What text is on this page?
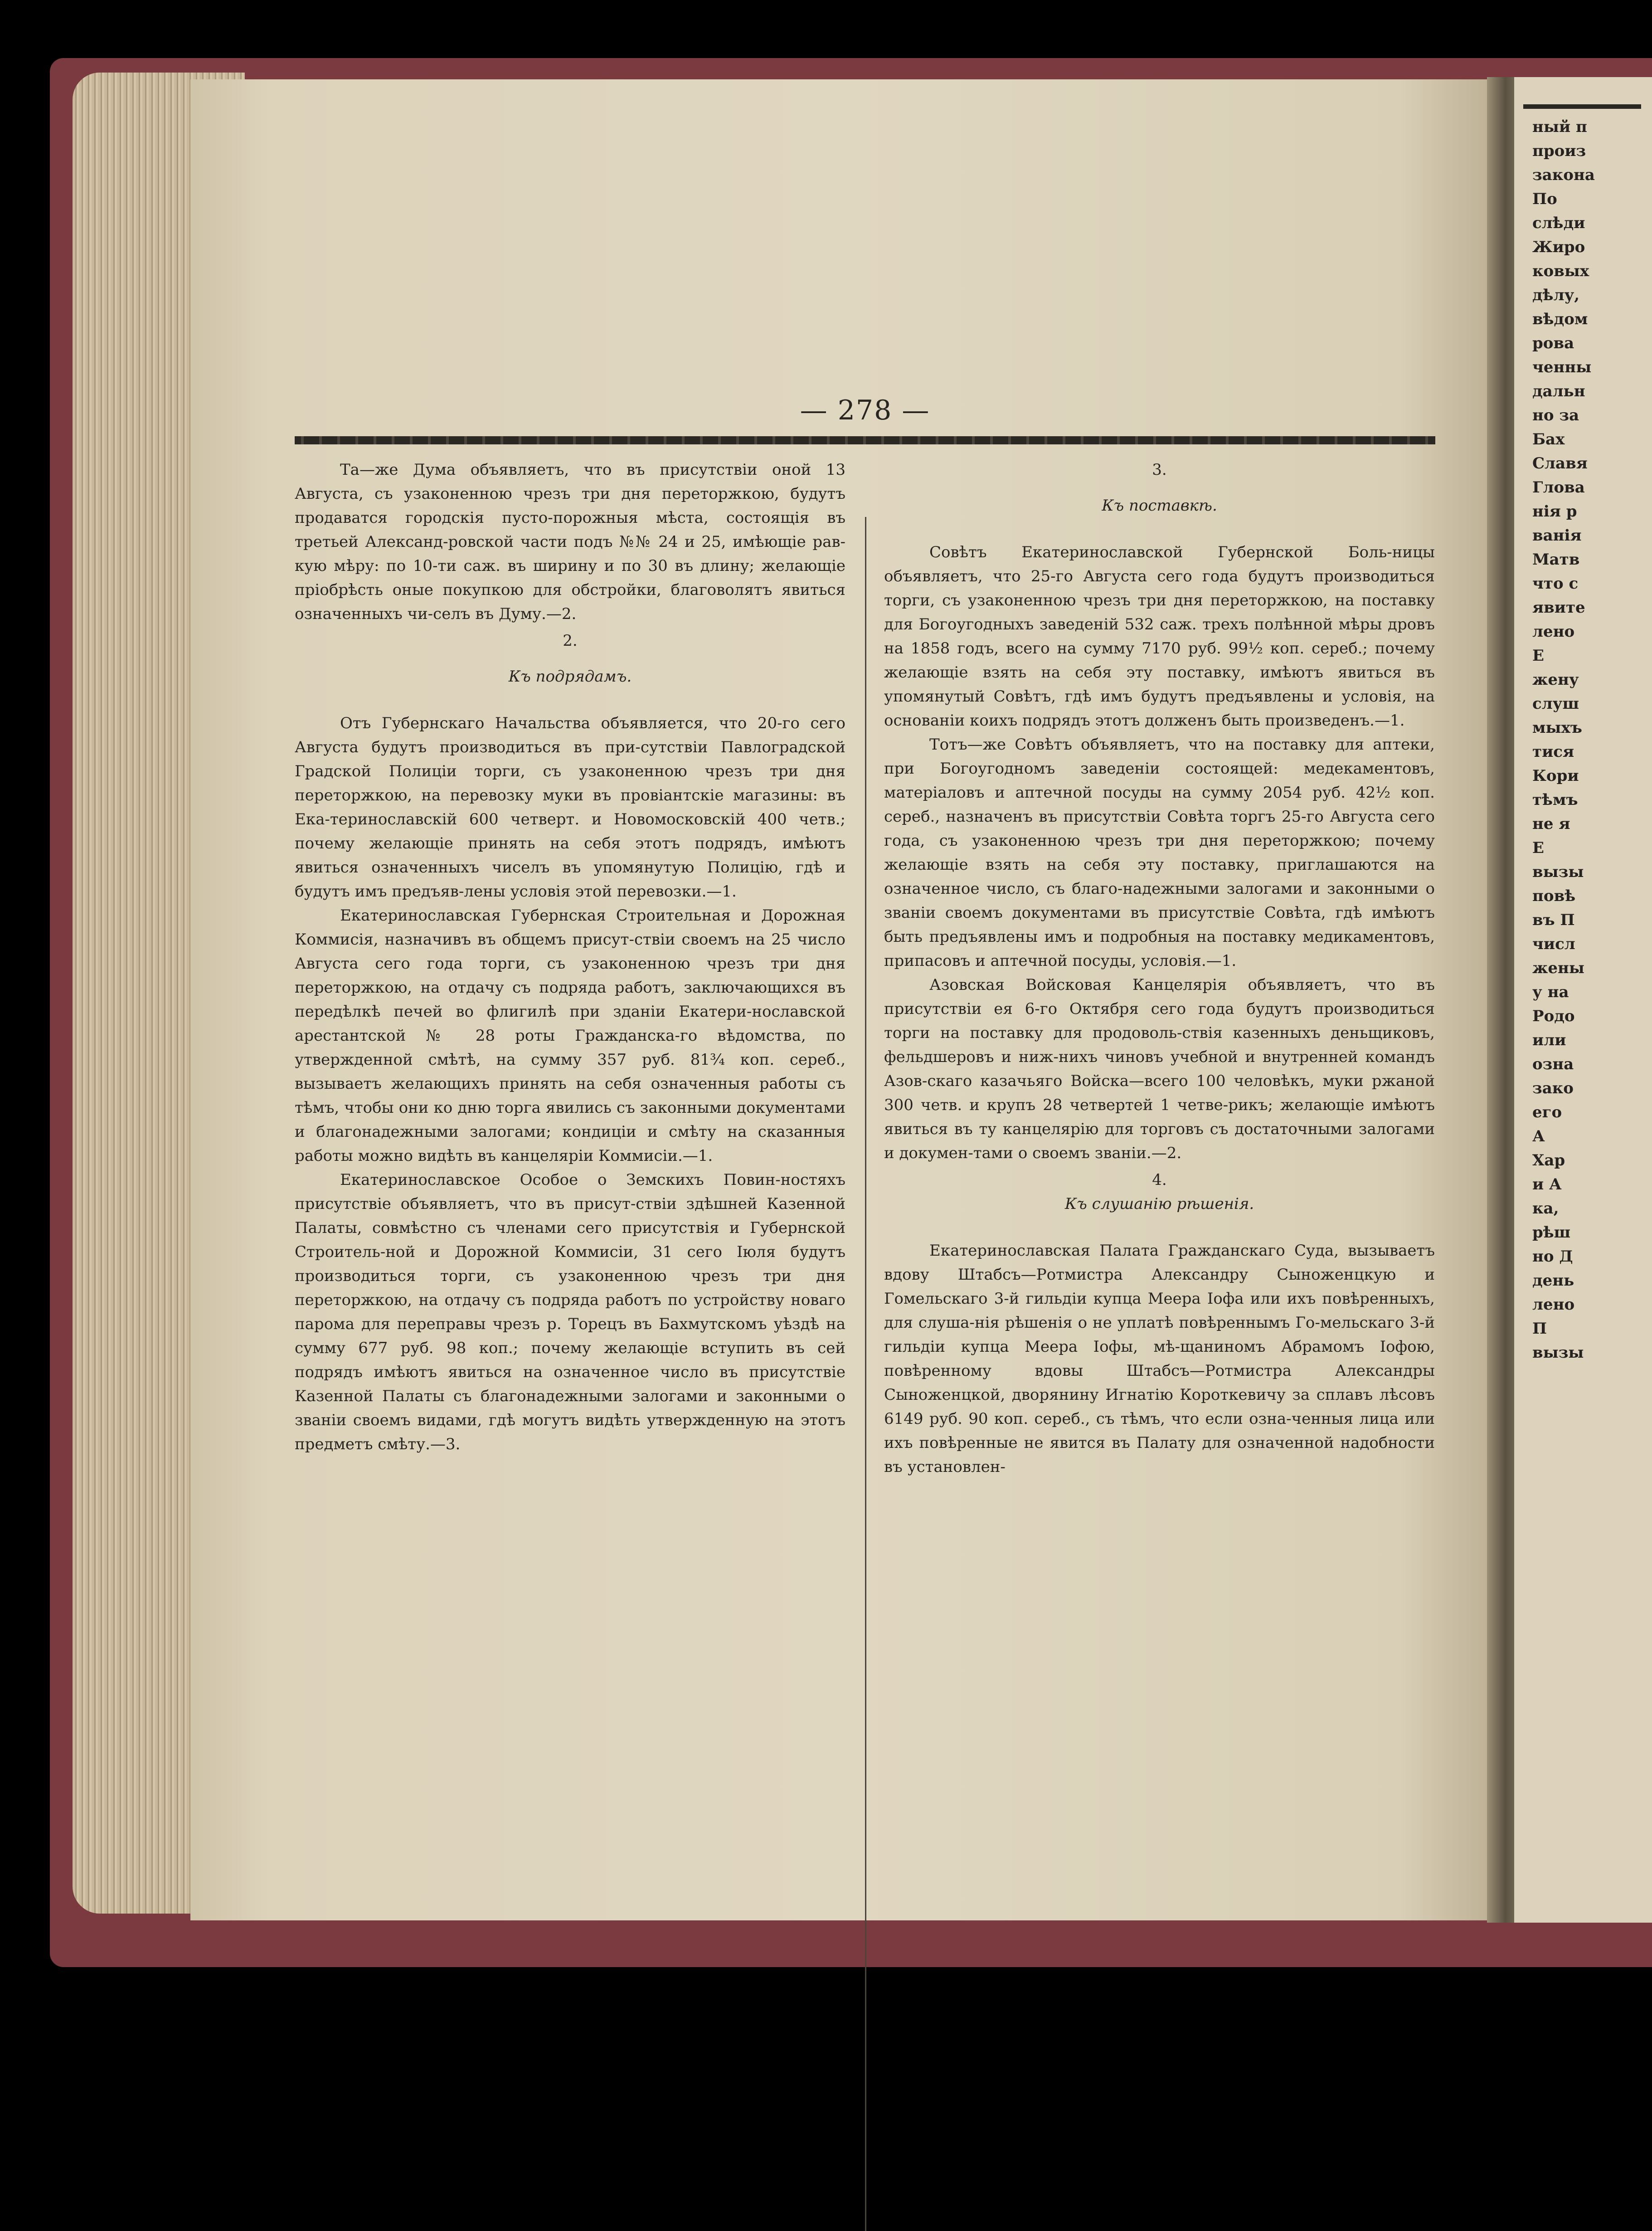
ный п
произ
закона
По
слѣди
Жиро
ковых
дѣлу,
вѣдом
рова
ченны
дальн
но за
Бах
Славя
Глова
нія р
ванія
Матв
что с
явите
лено
Е
жену
слуш
мыхъ
тися
Кори
тѣмъ
не я
Е
вызы
повѣ
въ П
числ
жены
у на
Родо
или
озна
зако
его
А
Хар
и А
ка,
рѣш
но Д
день
лено
П
вызы
— 278 —

Та—же Дума объявляетъ, что въ присутствіи оной 13 Августа, съ узаконенною чрезъ три дня переторжкою, будутъ продаватся городскія пусто-порожныя мѣста, состоящія въ третьей Александ-ровской части подъ №№ 24 и 25, имѣющіе рав-кую мѣру: по 10-ти саж. въ ширину и по 30 въ длину; желающіе пріобрѣсть оные покупкою для обстройки, благоволятъ явиться означенныхъ чи-селъ въ Думу.—2.

2.

Къ подрядамъ.

Отъ Губернскаго Начальства объявляется, что 20-го сего Августа будутъ производиться въ при-сутствіи Павлоградской Градской Полиціи торги, съ узаконенною чрезъ три дня переторжкою, на перевозку муки въ провіантскіе магазины: въ Ека-теринославскій 600 четверт. и Новомосковскій 400 четв.; почему желающіе принять на себя этотъ подрядъ, имѣютъ явиться означенныхъ чиселъ въ упомянутую Полицію, гдѣ и будутъ имъ предъяв-лены условія этой перевозки.—1.

Екатеринославская Губернская Строительная и Дорожная Коммисія, назначивъ въ общемъ присут-ствіи своемъ на 25 число Августа сего года торги, съ узаконенною чрезъ три дня переторжкою, на отдачу съ подряда работъ, заключающихся въ передѣлкѣ печей во флигилѣ при зданіи Екатери-нославской арестантской № 28 роты Гражданска-го вѣдомства, по утвержденной смѣтѣ, на сумму 357 руб. 81¾ коп. сереб., вызываетъ желающихъ принять на себя означенныя работы съ тѣмъ, чтобы они ко дню торга явились съ законными документами и благонадежными залогами; кондиціи и смѣту на сказанныя работы можно видѣть въ канцеляріи Коммисіи.—1.

Екатеринославское Особое о Земскихъ Повин-ностяхъ присутствіе объявляетъ, что въ присут-ствіи здѣшней Казенной Палаты, совмѣстно съ членами сего присутствія и Губернской Строитель-ной и Дорожной Коммисіи, 31 сего Іюля будутъ производиться торги, съ узаконенною чрезъ три дня переторжкою, на отдачу съ подряда работъ по устройству новаго парома для переправы чрезъ р. Торецъ въ Бахмутскомъ уѣздѣ на сумму 677 руб. 98 коп.; почему желающіе вступить въ сей подрядъ имѣютъ явиться на означенное число въ присутствіе Казенной Палаты съ благонадежными залогами и законными о званіи своемъ видами, гдѣ могутъ видѣть утвержденную на этотъ предметъ смѣту.—3.

3.

Къ поставкѣ.

Совѣтъ Екатеринославской Губернской Боль-ницы объявляетъ, что 25-го Августа сего года будутъ производиться торги, съ узаконенною чрезъ три дня переторжкою, на поставку для Богоугодныхъ заведеній 532 саж. трехъ полѣнной мѣры дровъ на 1858 годъ, всего на сумму 7170 руб. 99½ коп. сереб.; почему желающіе взять на себя эту поставку, имѣютъ явиться въ упомянутый Совѣтъ, гдѣ имъ будутъ предъявлены и условія, на основаніи коихъ подрядъ этотъ долженъ быть произведенъ.—1.

Тотъ—же Совѣтъ объявляетъ, что на поставку для аптеки, при Богоугодномъ заведеніи состоящей: медекаментовъ, матеріаловъ и аптечной посуды на сумму 2054 руб. 42½ коп. сереб., назначенъ въ присутствіи Совѣта торгъ 25-го Августа сего года, съ узаконенною чрезъ три дня переторжкою; почему желающіе взять на себя эту поставку, приглашаются на означенное число, съ благо-надежными залогами и законными о званіи своемъ документами въ присутствіе Совѣта, гдѣ имѣютъ быть предъявлены имъ и подробныя на поставку медикаментовъ, припасовъ и аптечной посуды, условія.—1.

Азовская Войсковая Канцелярія объявляетъ, что въ присутствіи ея 6-го Октября сего года будутъ производиться торги на поставку для продоволь-ствія казенныхъ деньщиковъ, фельдшеровъ и ниж-нихъ чиновъ учебной и внутренней командъ Азов-скаго казачьяго Войска—всего 100 человѣкъ, муки ржаной 300 четв. и крупъ 28 четвертей 1 четве-рикъ; желающіе имѣютъ явиться въ ту канцелярію для торговъ съ достаточными залогами и докумен-тами о своемъ званіи.—2.

4.

Къ слушанію рѣшенія.

Екатеринославская Палата Гражданскаго Суда, вызываетъ вдову Штабсъ—Ротмистра Александру Сыноженцкую и Гомельскаго 3-й гильдіи купца Меера Іофа или ихъ повѣренныхъ, для слуша-нія рѣшенія о не уплатѣ повѣреннымъ Го-мельскаго 3-й гильдіи купца Меера Іофы, мѣ-щаниномъ Абрамомъ Іофою, повѣренному вдовы Штабсъ—Ротмистра Александры Сыноженцкой, дворянину Игнатію Короткевичу за сплавъ лѣсовъ 6149 руб. 90 коп. сереб., съ тѣмъ, что если озна-ченныя лица или ихъ повѣренные не явится въ Палату для означенной надобности въ установлен-
